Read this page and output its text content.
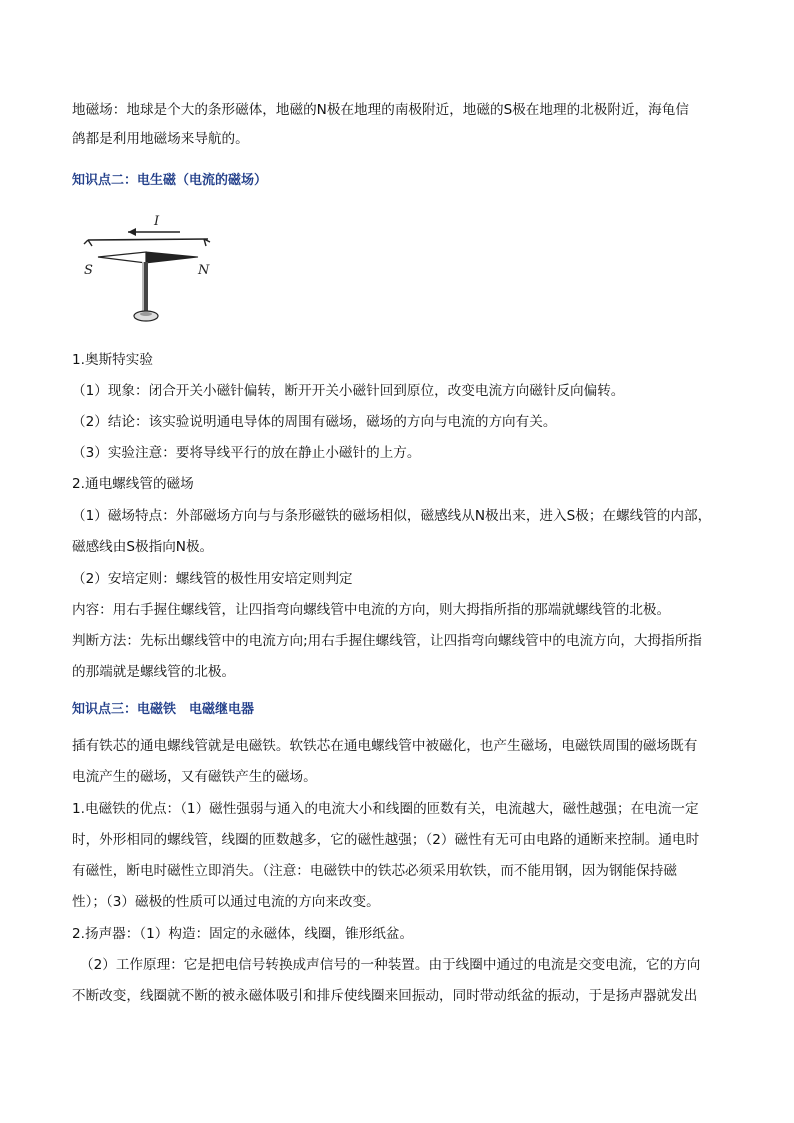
地磁场：地球是个大的条形磁体，地磁的N极在地理的南极附近，地磁的S极在地理的北极附近，海龟信
鸽都是利用地磁场来导航的。
知识点二：电生磁（电流的磁场）
I
S	N
1.奥斯特实验
（1）现象：闭合开关小磁针偏转，断开开关小磁针回到原位，改变电流方向磁针反向偏转。
（2）结论：该实验说明通电导体的周围有磁场，磁场的方向与电流的方向有关。
（3）实验注意：要将导线平行的放在静止小磁针的上方。
2.通电螺线管的磁场
（1）磁场特点：外部磁场方向与与条形磁铁的磁场相似，磁感线从N极出来，进入S极；在螺线管的内部，
磁感线由S极指向N极。
（2）安培定则：螺线管的极性用安培定则判定
内容：用右手握住螺线管，让四指弯向螺线管中电流的方向，则大拇指所指的那端就螺线管的北极。
判断方法：先标出螺线管中的电流方向;用右手握住螺线管，让四指弯向螺线管中的电流方向，大拇指所指
的那端就是螺线管的北极。
知识点三：电磁铁　电磁继电器
插有铁芯的通电螺线管就是电磁铁。软铁芯在通电螺线管中被磁化，也产生磁场，电磁铁周围的磁场既有
电流产生的磁场，又有磁铁产生的磁场。
1.电磁铁的优点：（1）磁性强弱与通入的电流大小和线圈的匝数有关，电流越大，磁性越强；在电流一定
时，外形相同的螺线管，线圈的匝数越多，它的磁性越强；（2）磁性有无可由电路的通断来控制。通电时
有磁性，断电时磁性立即消失。（注意：电磁铁中的铁芯必须采用软铁，而不能用钢，因为钢能保持磁
性）；（3）磁极的性质可以通过电流的方向来改变。
2.扬声器：（1）构造：固定的永磁体，线圈，锥形纸盆。
（2）工作原理：它是把电信号转换成声信号的一种装置。由于线圈中通过的电流是交变电流，它的方向
不断改变，线圈就不断的被永磁体吸引和排斥使线圈来回振动，同时带动纸盆的振动，于是扬声器就发出
